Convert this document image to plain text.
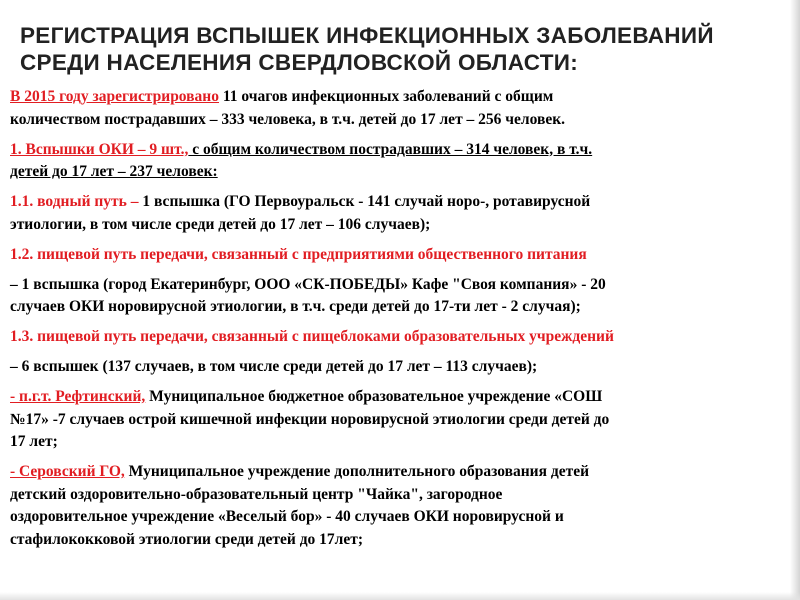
РЕГИСТРАЦИЯ ВСПЫШЕК ИНФЕКЦИОННЫХ ЗАБОЛЕВАНИЙ
СРЕДИ НАСЕЛЕНИЯ СВЕРДЛОВСКОЙ ОБЛАСТИ:

В 2015 году зарегистрировано 11 очагов инфекционных заболеваний с общим
количеством пострадавших – 333 человека, в т.ч. детей до 17 лет – 256 человек.

1. Вспышки ОКИ – 9 шт., с общим количеством пострадавших – 314 человек, в т.ч.
детей до 17 лет – 237 человек:

1.1. водный путь – 1 вспышка (ГО Первоуральск - 141 случай норо-, ротавирусной
этиологии, в том числе среди детей до 17 лет – 106 случаев);

1.2. пищевой путь передачи, связанный с предприятиями общественного питания

– 1 вспышка (город Екатеринбург, ООО «СК-ПОБЕДЫ» Кафе "Своя компания» - 20
случаев ОКИ норовирусной этиологии, в т.ч. среди детей до 17-ти лет - 2 случая);

1.3. пищевой путь передачи, связанный с пищеблоками образовательных учреждений

– 6 вспышек (137 случаев, в том числе среди детей до 17 лет – 113 случаев);

- п.г.т. Рефтинский, Муниципальное бюджетное образовательное учреждение «СОШ
№17» -7 случаев острой кишечной инфекции норовирусной этиологии среди детей до
17 лет;

- Серовский ГО, Муниципальное учреждение дополнительного образования детей
детский оздоровительно-образовательный центр "Чайка", загородное
оздоровительное учреждение «Веселый бор» - 40 случаев ОКИ норовирусной и
стафилококковой этиологии среди детей до 17лет;
